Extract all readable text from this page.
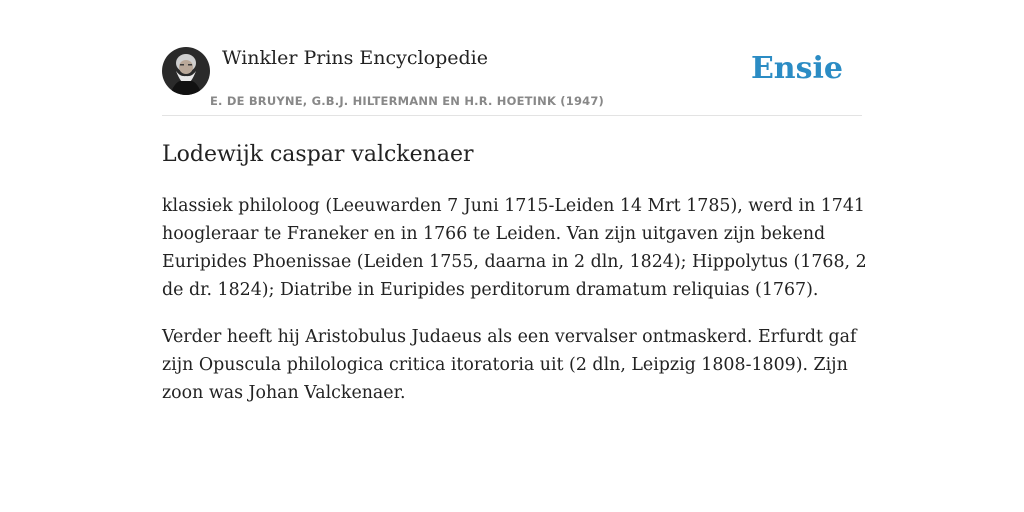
Winkler Prins Encyclopedie
E. DE BRUYNE, G.B.J. HILTERMANN EN H.R. HOETINK (1947)
Ensie
Lodewijk caspar valckenaer

klassiek philoloog (Leeuwarden 7 Juni 1715-Leiden 14 Mrt 1785), werd in 1741 hoogleraar te Franeker en in 1766 te Leiden. Van zijn uitgaven zijn bekend Euripides Phoenissae (Leiden 1755, daarna in 2 dln, 1824); Hippolytus (1768, 2 de dr. 1824); Diatribe in Euripides perditorum dramatum reliquias (1767).

Verder heeft hij Aristobulus Judaeus als een vervalser ontmaskerd. Erfurdt gaf zijn Opuscula philologica critica itoratoria uit (2 dln, Leipzig 1808-1809). Zijn zoon was Johan Valckenaer.
